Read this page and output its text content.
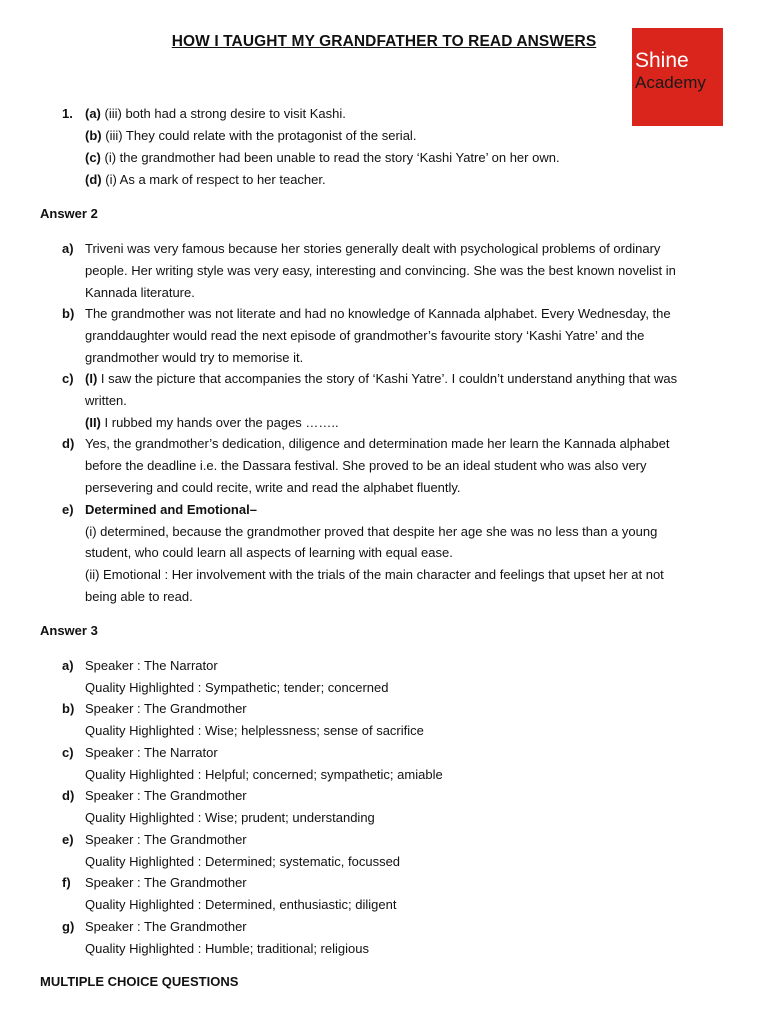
HOW I TAUGHT MY GRANDFATHER TO READ ANSWERS
Shine
Academy
1. (a) (iii) both had a strong desire to visit Kashi.
(b) (iii) They could relate with the protagonist of the serial.
(c) (i) the grandmother had been unable to read the story ‘Kashi Yatre’ on her own.
(d) (i) As a mark of respect to her teacher.
Answer 2
a) Triveni was very famous because her stories generally dealt with psychological problems of ordinary
people. Her writing style was very easy, interesting and convincing. She was the best known novelist in
Kannada literature.
b) The grandmother was not literate and had no knowledge of Kannada alphabet. Every Wednesday, the
granddaughter would read the next episode of grandmother’s favourite story ‘Kashi Yatre’ and the
grandmother would try to memorise it.
c) (I) I saw the picture that accompanies the story of ‘Kashi Yatre’. I couldn’t understand anything that was
written.
(II) I rubbed my hands over the pages ……..
d) Yes, the grandmother’s dedication, diligence and determination made her learn the Kannada alphabet
before the deadline i.e. the Dassara festival. She proved to be an ideal student who was also very
persevering and could recite, write and read the alphabet fluently.
e) Determined and Emotional–
(i) determined, because the grandmother proved that despite her age she was no less than a young
student, who could learn all aspects of learning with equal ease.
(ii) Emotional : Her involvement with the trials of the main character and feelings that upset her at not
being able to read.
Answer 3
a) Speaker : The Narrator
Quality Highlighted : Sympathetic; tender; concerned
b) Speaker : The Grandmother
Quality Highlighted : Wise; helplessness; sense of sacrifice
c) Speaker : The Narrator
Quality Highlighted : Helpful; concerned; sympathetic; amiable
d) Speaker : The Grandmother
Quality Highlighted : Wise; prudent; understanding
e) Speaker : The Grandmother
Quality Highlighted : Determined; systematic, focussed
f) Speaker : The Grandmother
Quality Highlighted : Determined, enthusiastic; diligent
g) Speaker : The Grandmother
Quality Highlighted : Humble; traditional; religious
MULTIPLE CHOICE QUESTIONS
